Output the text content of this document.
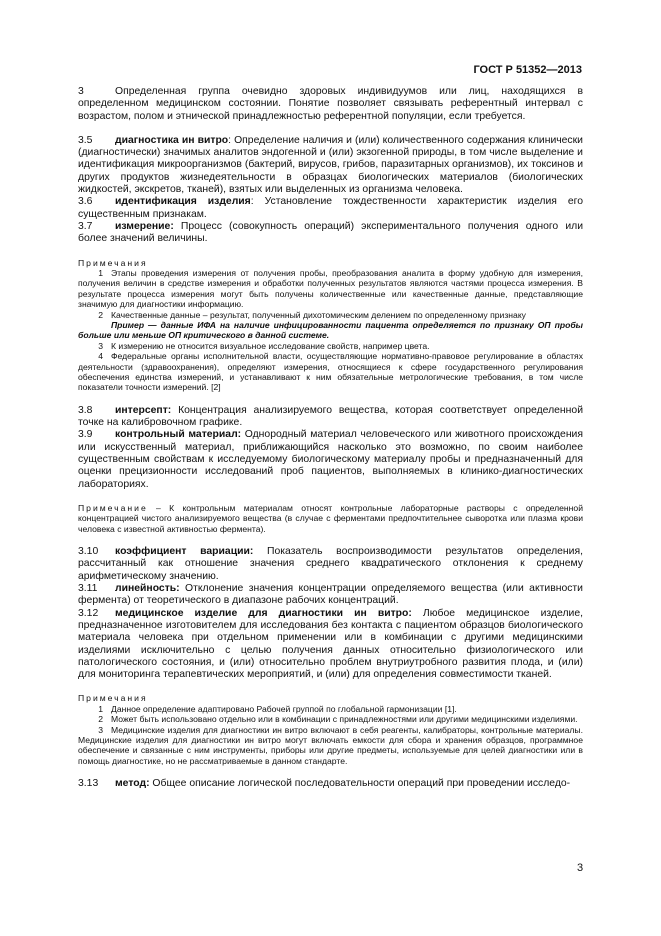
ГОСТ Р 51352—2013

3	Определенная группа очевидно здоровых индивидуумов или лиц, находящихся в определенном медицинском состоянии. Понятие позволяет связывать референтный интервал с возрастом, полом и этнической принадлежностью референтной популяции, если требуется.

3.5 диагностика ин витро: Определение наличия и (или) количественного содержания клинически (диагностически) значимых аналитов эндогенной и (или) экзогенной природы, в том числе выделение и идентификация микроорганизмов (бактерий, вирусов, грибов, паразитарных организмов), их токсинов и других продуктов жизнедеятельности в образцах биологических материалов (биологических жидкостей, экскретов, тканей), взятых или выделенных из организма человека.

3.6 идентификация изделия: Установление тождественности характеристик изделия его существенным признакам.

3.7 измерение: Процесс (совокупность операций) экспериментального получения одного или более значений величины.

Примечания

1 Этапы проведения измерения от получения пробы, преобразования аналита в форму удобную для измерения, получения величин в средстве измерения и обработки полученных результатов являются частями процесса измерения. В результате процесса измерения могут быть получены количественные или качественные данные, представляющие значимую для диагностики информацию.

2 Качественные данные – результат, полученный дихотомическим делением по определенному признаку

Пример — данные ИФА на наличие инфицированности пациента определяется по признаку ОП пробы больше или меньше ОП критического в данной системе.

3 К измерению не относится визуальное исследование свойств, например цвета.

4 Федеральные органы исполнительной власти, осуществляющие нормативно-правовое регулирование в областях деятельности (здравоохранения), определяют измерения, относящиеся к сфере государственного регулирования обеспечения единства измерений, и устанавливают к ним обязательные метрологические требования, в том числе показатели точности измерений. [2]

3.8 интерсепт: Концентрация анализируемого вещества, которая соответствует определенной точке на калибровочном графике.

3.9 контрольный материал: Однородный материал человеческого или животного происхождения или искусственный материал, приближающийся насколько это возможно, по своим наиболее существенным свойствам к исследуемому биологическому материалу пробы и предназначенный для оценки прецизионности исследований проб пациентов, выполняемых в клинико-диагностических лабораториях.

Примечание – К контрольным материалам относят контрольные лабораторные растворы с определенной концентрацией чистого анализируемого вещества (в случае с ферментами предпочтительнее сыворотка или плазма крови человека с известной активностью фермента).

3.10 коэффициент вариации: Показатель воспроизводимости результатов определения, рассчитанный как отношение значения среднего квадратического отклонения к среднему арифметическому значению.

3.11 линейность: Отклонение значения концентрации определяемого вещества (или активности фермента) от теоретического в диапазоне рабочих концентраций.

3.12 медицинское изделие для диагностики ин витро: Любое медицинское изделие, предназначенное изготовителем для исследования без контакта с пациентом образцов биологического материала человека при отдельном применении или в комбинации с другими медицинскими изделиями исключительно с целью получения данных относительно физиологического или патологического состояния, и (или) относительно проблем внутриутробного развития плода, и (или) для мониторинга терапевтических мероприятий, и (или) для определения совместимости тканей.

Примечания

1 Данное определение адаптировано Рабочей группой по глобальной гармонизации [1].

2 Может быть использовано отдельно или в комбинации с принадлежностями или другими медицинскими изделиями.

3 Медицинские изделия для диагностики ин витро включают в себя реагенты, калибраторы, контрольные материалы. Медицинские изделия для диагностики ин витро могут включать емкости для сбора и хранения образцов, программное обеспечение и связанные с ним инструменты, приборы или другие предметы, используемые для целей диагностики или в помощь диагностике, но не рассматриваемые в данном стандарте.

3.13 метод: Общее описание логической последовательности операций при проведении исследо-

3
